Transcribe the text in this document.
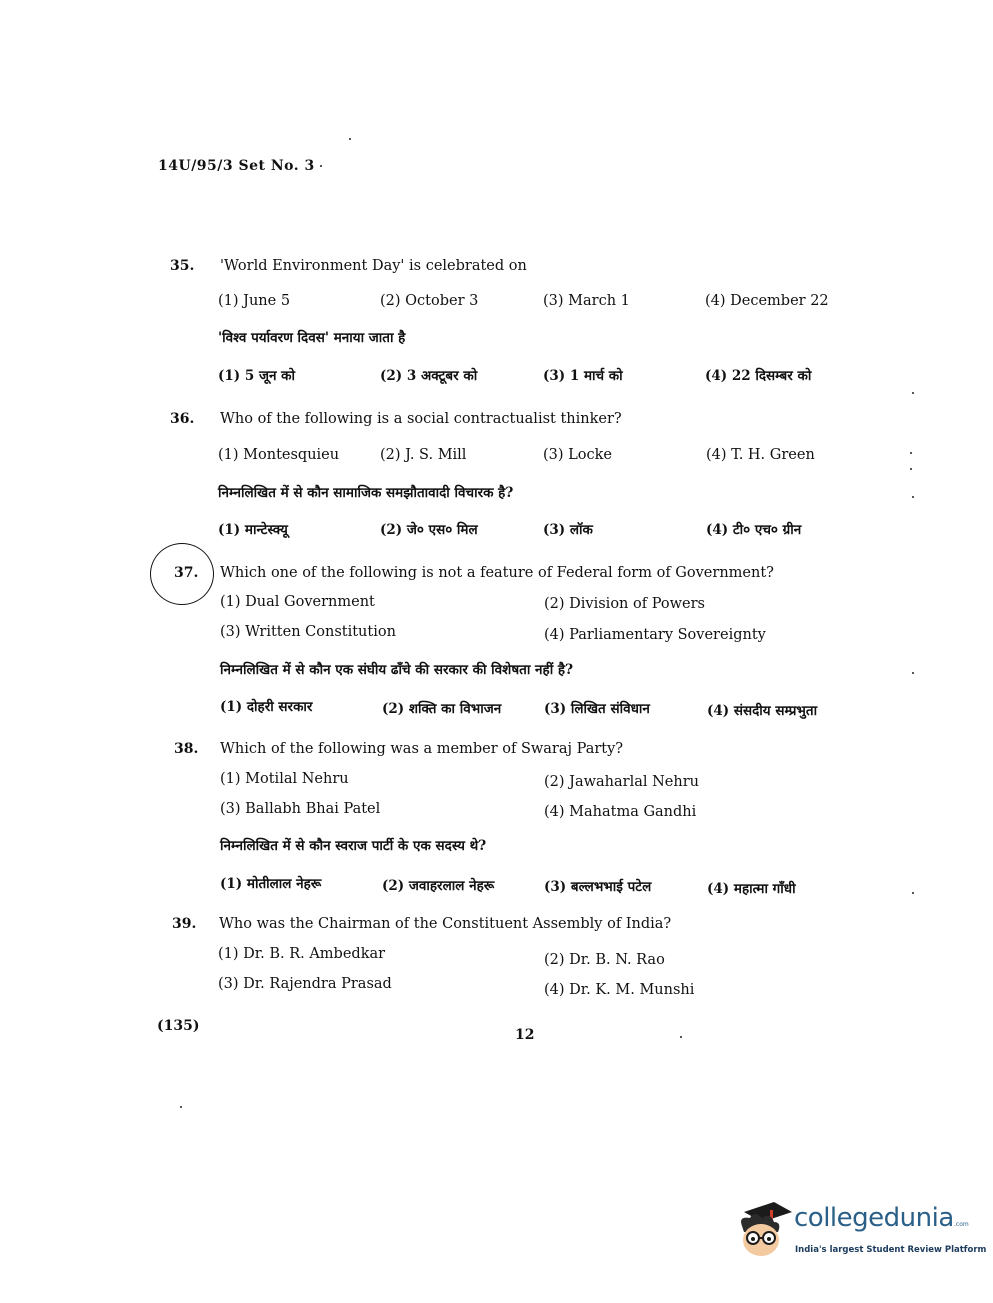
14U/95/3 Set No. 3
35. 'World Environment Day' is celebrated on
(1) June 5	(2) October 3	(3) March 1	(4) December 22
'विश्व पर्यावरण दिवस' मनाया जाता है
(1) 5 जून को	(2) 3 अक्टूबर को	(3) 1 मार्च को	(4) 22 दिसम्बर को
36. Who of the following is a social contractualist thinker?
(1) Montesquieu	(2) J. S. Mill	(3) Locke	(4) T. H. Green
निम्नलिखित में से कौन सामाजिक समझौतावादी विचारक है?
(1) मान्टेस्क्यू	(2) जे० एस० मिल	(3) लॉक	(4) टी० एच० ग्रीन
37. Which one of the following is not a feature of Federal form of Government?
(1) Dual Government	(2) Division of Powers
(3) Written Constitution	(4) Parliamentary Sovereignty
निम्नलिखित में से कौन एक संघीय ढाँचे की सरकार की विशेषता नहीं है?
(1) दोहरी सरकार	(2) शक्ति का विभाजन	(3) लिखित संविधान	(4) संसदीय सम्प्रभुता
38. Which of the following was a member of Swaraj Party?
(1) Motilal Nehru	(2) Jawaharlal Nehru
(3) Ballabh Bhai Patel	(4) Mahatma Gandhi
निम्नलिखित में से कौन स्वराज पार्टी के एक सदस्य थे?
(1) मोतीलाल नेहरू	(2) जवाहरलाल नेहरू	(3) बल्लभभाई पटेल	(4) महात्मा गाँधी
39. Who was the Chairman of the Constituent Assembly of India?
(1) Dr. B. R. Ambedkar	(2) Dr. B. N. Rao
(3) Dr. Rajendra Prasad	(4) Dr. K. M. Munshi
(135)
12
collegedunia .com
India's largest Student Review Platform
